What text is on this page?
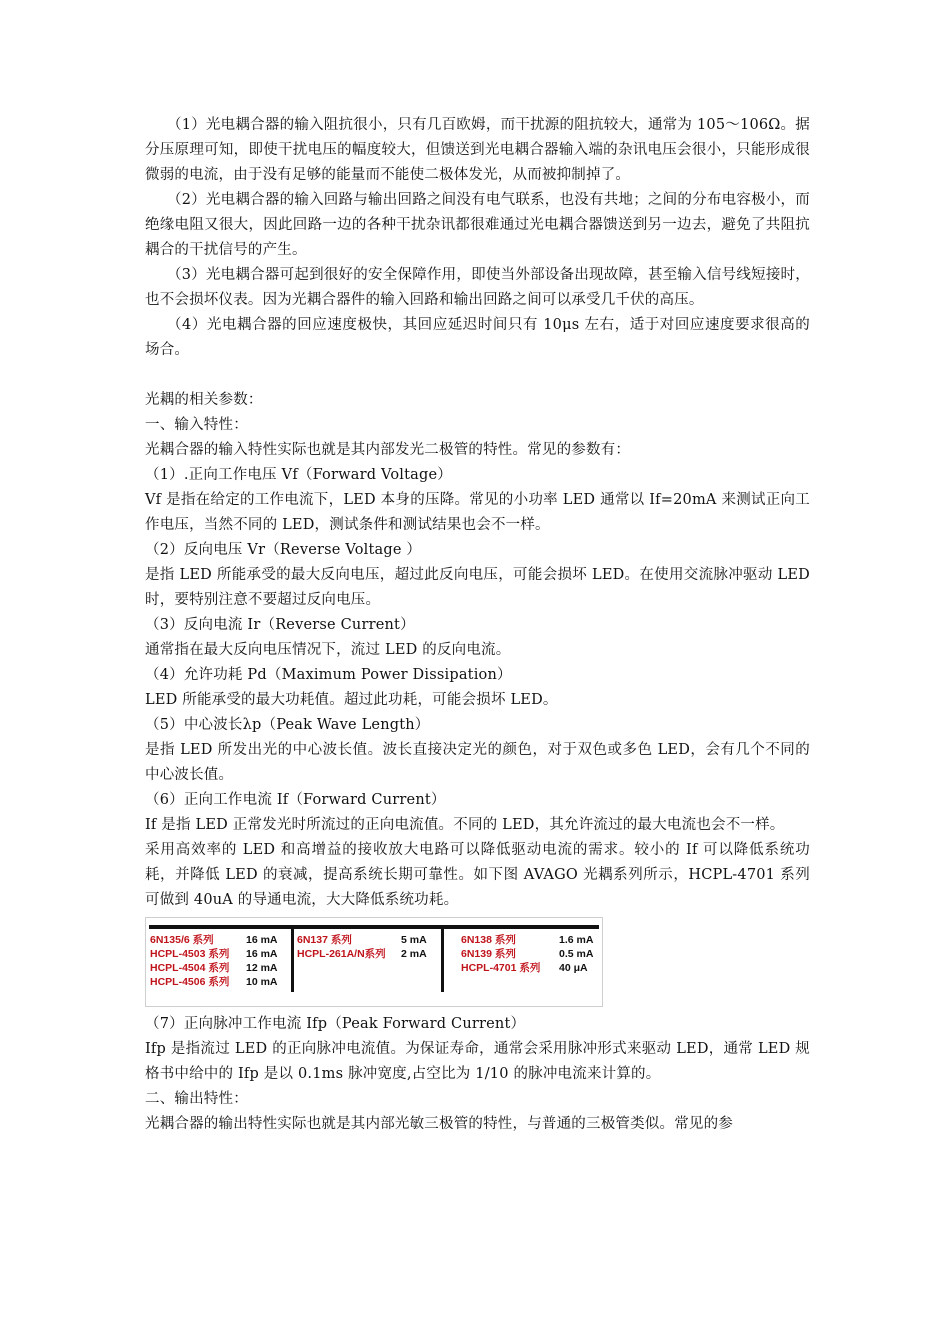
（1）光电耦合器的输入阻抗很小，只有几百欧姆，而干扰源的阻抗较大，通常为 105～106Ω。据分压原理可知，即使干扰电压的幅度较大，但馈送到光电耦合器输入端的杂讯电压会很小，只能形成很微弱的电流，由于没有足够的能量而不能使二极体发光，从而被抑制掉了。

（2）光电耦合器的输入回路与输出回路之间没有电气联系，也没有共地；之间的分布电容极小，而绝缘电阻又很大，因此回路一边的各种干扰杂讯都很难通过光电耦合器馈送到另一边去，避免了共阻抗耦合的干扰信号的产生。

（3）光电耦合器可起到很好的安全保障作用，即使当外部设备出现故障，甚至输入信号线短接时，也不会损坏仪表。因为光耦合器件的输入回路和输出回路之间可以承受几千伏的高压。

（4）光电耦合器的回应速度极快，其回应延迟时间只有 10μs 左右，适于对回应速度要求很高的场合。

光耦的相关参数：

一、输入特性：

光耦合器的输入特性实际也就是其内部发光二极管的特性。常见的参数有：

（1）.正向工作电压 Vf（Forward Voltage）

Vf 是指在给定的工作电流下，LED 本身的压降。常见的小功率 LED 通常以 If=20mA 来测试正向工作电压，当然不同的 LED，测试条件和测试结果也会不一样。

（2）反向电压 Vr（Reverse Voltage ）

是指 LED 所能承受的最大反向电压，超过此反向电压，可能会损坏 LED。在使用交流脉冲驱动 LED 时，要特别注意不要超过反向电压。

（3）反向电流 Ir（Reverse Current）

通常指在最大反向电压情况下，流过 LED 的反向电流。

（4）允许功耗 Pd（Maximum Power Dissipation）

LED 所能承受的最大功耗值。超过此功耗，可能会损坏 LED。

（5）中心波长λp（Peak Wave Length）

是指 LED 所发出光的中心波长值。波长直接决定光的颜色，对于双色或多色 LED，会有几个不同的中心波长值。

（6）正向工作电流 If（Forward Current）

If 是指 LED 正常发光时所流过的正向电流值。不同的 LED，其允许流过的最大电流也会不一样。

采用高效率的 LED 和高增益的接收放大电路可以降低驱动电流的需求。较小的 If 可以降低系统功耗，并降低 LED 的衰减，提高系统长期可靠性。如下图 AVAGO 光耦系列所示，HCPL-4701 系列可做到 40uA 的导通电流，大大降低系统功耗。

6N135/6 系列	16 mA
HCPL-4503 系列	16 mA
HCPL-4504 系列	12 mA
HCPL-4506 系列	10 mA
6N137 系列	5 mA
HCPL-261A/N系列	2 mA
6N138 系列	1.6 mA
6N139 系列	0.5 mA
HCPL-4701 系列	40 μA

（7）正向脉冲工作电流 Ifp（Peak Forward Current）

Ifp 是指流过 LED 的正向脉冲电流值。为保证寿命，通常会采用脉冲形式来驱动 LED，通常 LED 规格书中给中的 Ifp 是以 0.1ms 脉冲宽度,占空比为 1/10 的脉冲电流来计算的。

二、输出特性：

光耦合器的输出特性实际也就是其内部光敏三极管的特性，与普通的三极管类似。常见的参
